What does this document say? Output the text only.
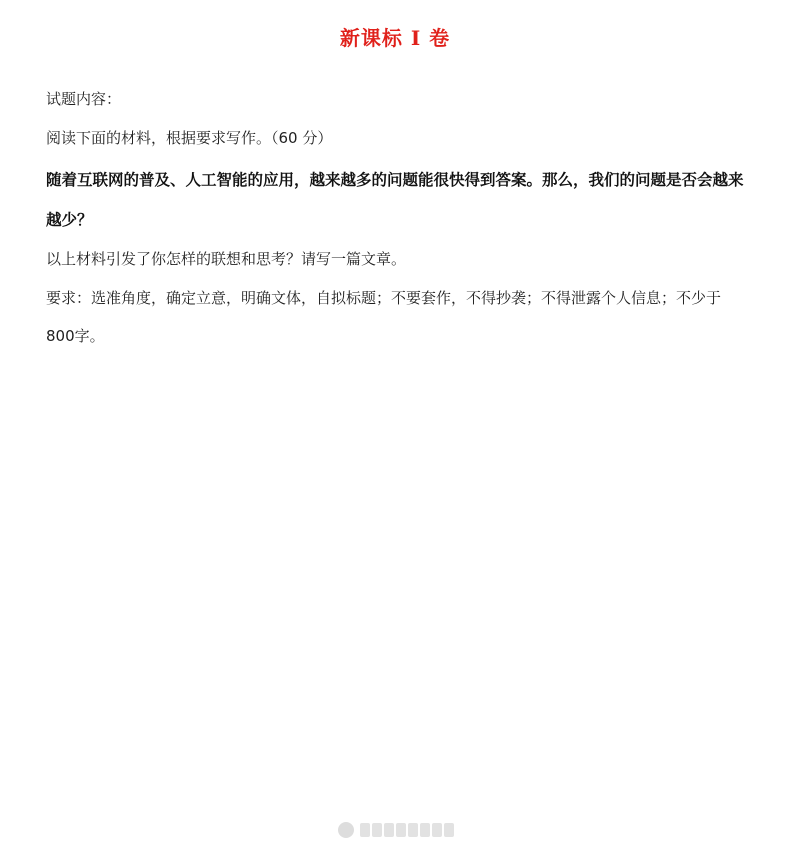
新课标 I 卷

试题内容：

阅读下面的材料，根据要求写作。（60 分）

随着互联网的普及、人工智能的应用，越来越多的问题能很快得到答案。那么，我们的问题是否会越来越少？

以上材料引发了你怎样的联想和思考？请写一篇文章。

要求：选准角度，确定立意，明确文体，自拟标题；不要套作，不得抄袭；不得泄露个人信息；不少于 800字。
